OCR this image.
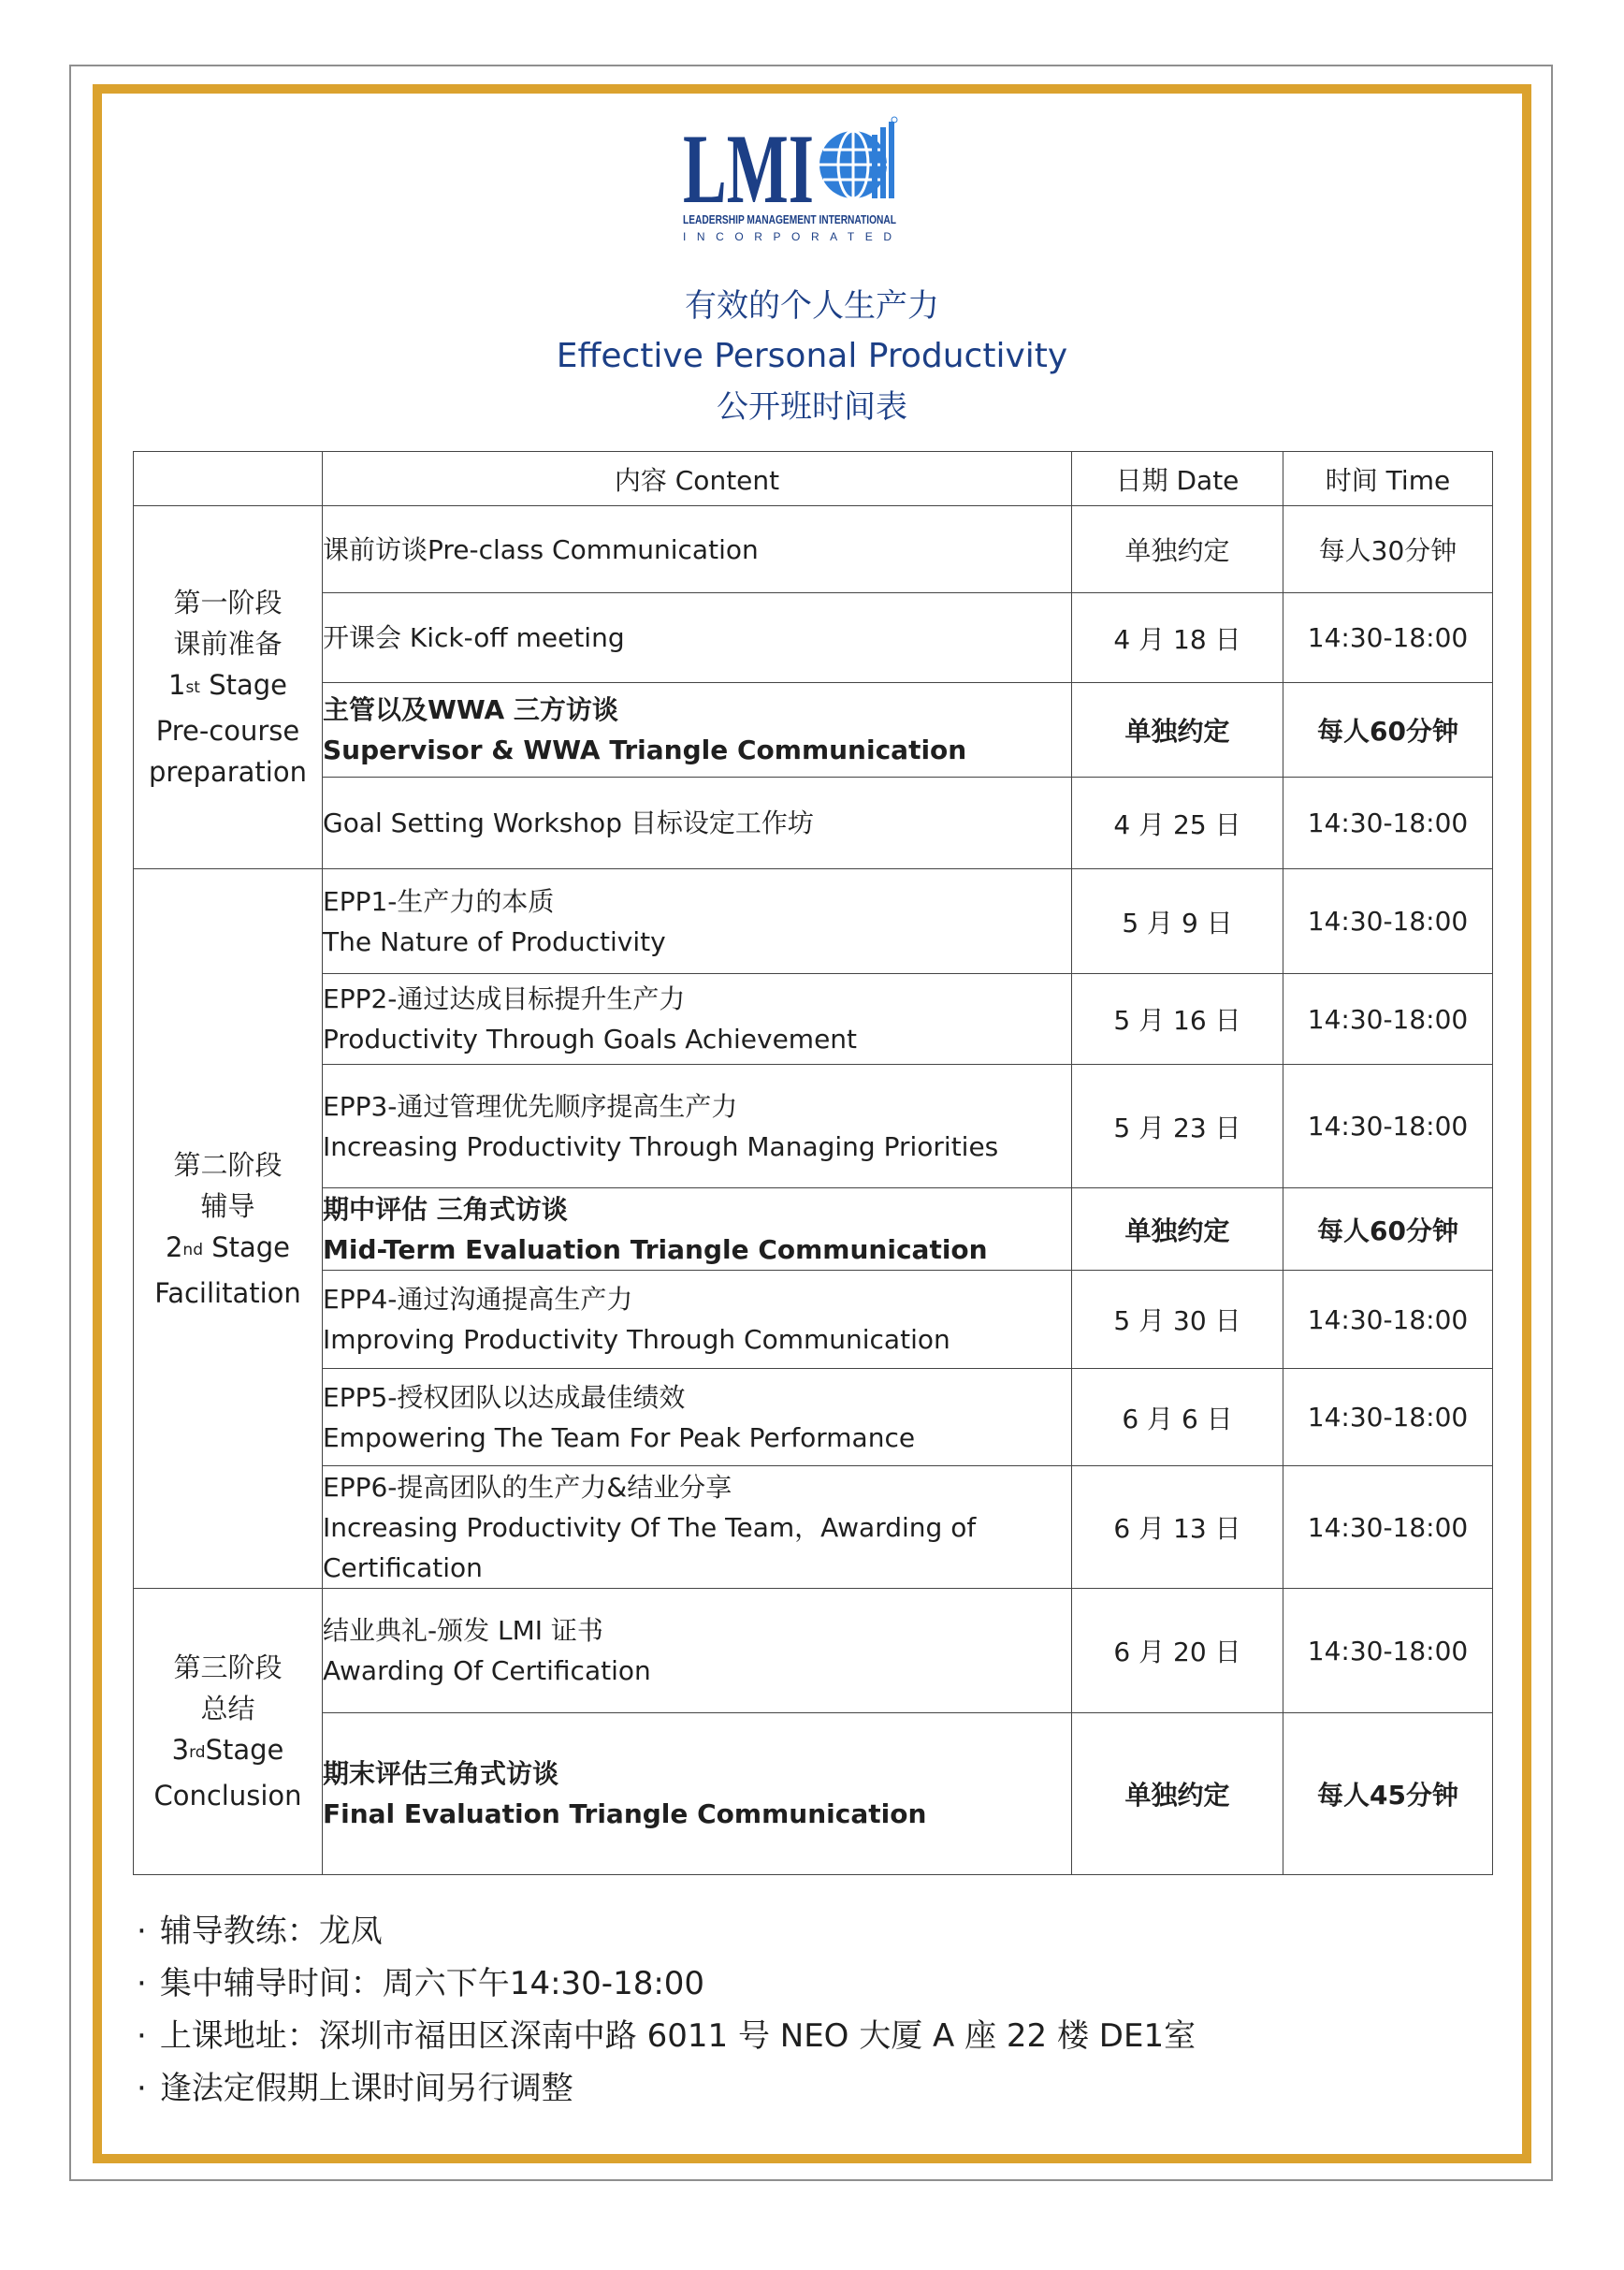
LMI
LEADERSHIP MANAGEMENT INTERNATIONAL
INCORPORATED
有效的个人生产力
Effective Personal Productivity
公开班时间表
	内容 Content	日期 Date	时间 Time

第一阶段
课前准备
1st Stage
Pre-course
preparation	课前访谈Pre-class Communication	单独约定	每人30分钟

	开课会 Kick-off meeting	4 月 18 日	14:30-18:00

	主管以及WWA 三方访谈
Supervisor & WWA Triangle Communication	单独约定	每人60分钟

	Goal Setting Workshop 目标设定工作坊	4 月 25 日	14:30-18:00

第二阶段
辅导
2nd Stage
Facilitation	EPP1-生产力的本质
The Nature of Productivity	5 月 9 日	14:30-18:00

	EPP2-通过达成目标提升生产力
Productivity Through Goals Achievement	5 月 16 日	14:30-18:00

	EPP3-通过管理优先顺序提高生产力
Increasing Productivity Through Managing Priorities	5 月 23 日	14:30-18:00

	期中评估 三角式访谈
Mid-Term Evaluation Triangle Communication	单独约定	每人60分钟

	EPP4-通过沟通提高生产力
Improving Productivity Through Communication	5 月 30 日	14:30-18:00

	EPP5-授权团队以达成最佳绩效
Empowering The Team For Peak Performance	6 月 6 日	14:30-18:00

	EPP6-提高团队的生产力&结业分享
Increasing Productivity Of The Team，Awarding of
Certification	6 月 13 日	14:30-18:00

第三阶段
总结
3rdStage
Conclusion	结业典礼-颁发 LMI 证书
Awarding Of Certification	6 月 20 日	14:30-18:00

	期末评估三角式访谈
Final Evaluation Triangle Communication	单独约定	每人45分钟
· 辅导教练：龙凤
· 集中辅导时间：周六下午14:30-18:00
· 上课地址：深圳市福田区深南中路 6011 号 NEO 大厦 A 座 22 楼 DE1室
· 逢法定假期上课时间另行调整
